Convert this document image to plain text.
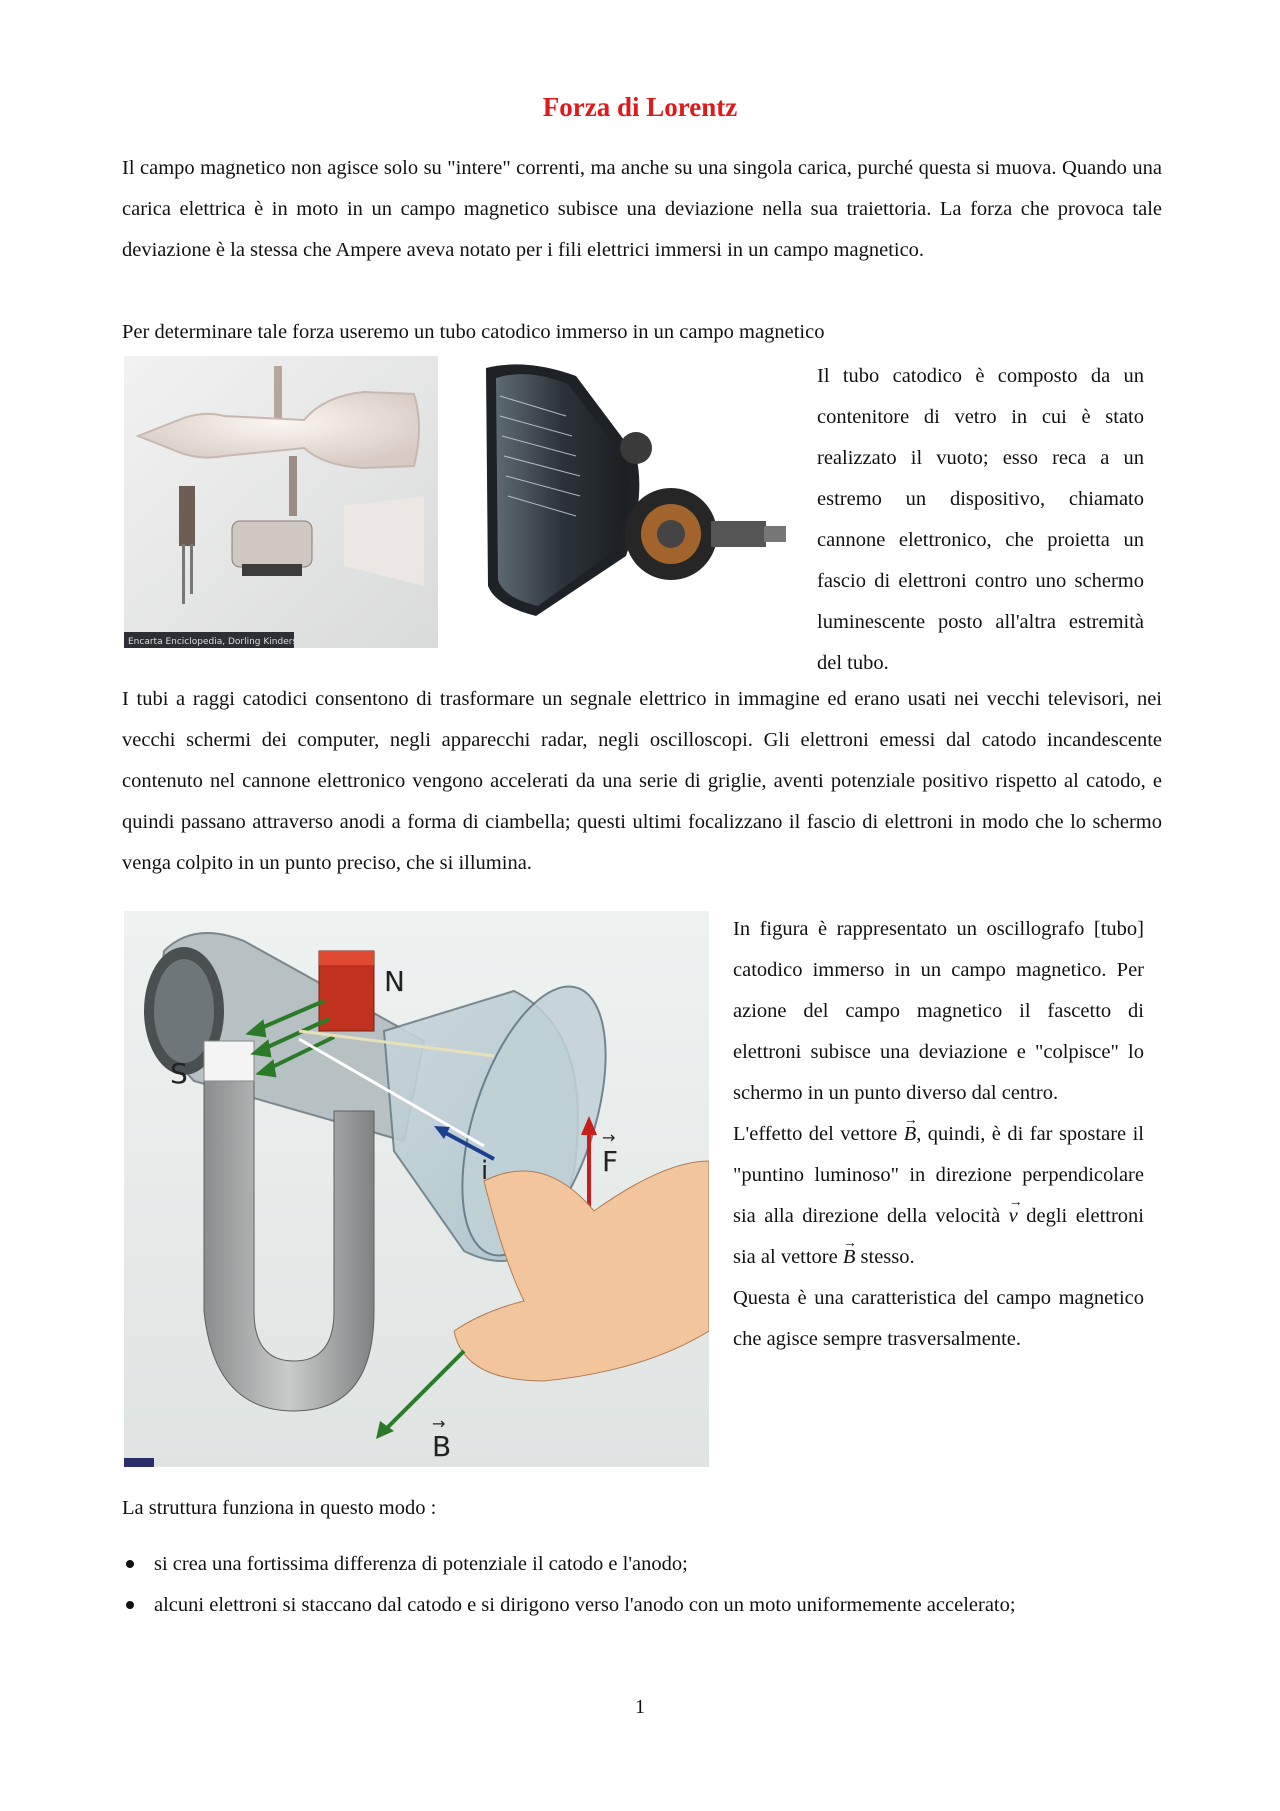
Forza di Lorentz

Il campo magnetico non agisce solo su "intere" correnti, ma anche su una singola carica, purché questa si muova. Quando una carica elettrica è in moto in un campo magnetico subisce una deviazione nella sua traiettoria. La forza che provoca tale deviazione è la stessa che Ampere aveva notato per i fili elettrici immersi in un campo magnetico.

Per determinare tale forza useremo un tubo catodico immerso in un campo magnetico

Encarta Enciclopedia, Dorling Kindersley

Il tubo catodico è composto da un contenitore di vetro in cui è stato realizzato il vuoto; esso reca a un estremo un dispositivo, chiamato cannone elettronico, che proietta un fascio di elettroni contro uno schermo luminescente posto all'altra estremità del tubo.

I tubi a raggi catodici consentono di trasformare un segnale elettrico in immagine ed erano usati nei vecchi televisori, nei vecchi schermi dei computer, negli apparecchi radar, negli oscilloscopi. Gli elettroni emessi dal catodo incandescente contenuto nel cannone elettronico vengono accelerati da una serie di griglie, aventi potenziale positivo rispetto al catodo, e quindi passano attraverso anodi a forma di ciambella; questi ultimi focalizzano il fascio di elettroni in modo che lo schermo venga colpito in un punto preciso, che si illumina.

N
S
F
→
i
B
→

In figura è rappresentato un oscillografo [tubo] catodico immerso in un campo magnetico. Per azione del campo magnetico il fascetto di elettroni subisce una deviazione e "colpisce" lo schermo in un punto diverso dal centro.

L'effetto del vettore → B, quindi, è di far spostare il "puntino luminoso" in direzione perpendicolare sia alla direzione della velocità → v degli elettroni sia al vettore → B stesso.

Questa è una caratteristica del campo magnetico che agisce sempre trasversalmente.

La struttura funziona in questo modo :

si crea una fortissima differenza di potenziale il catodo e l'anodo;
alcuni elettroni si staccano dal catodo e si dirigono verso l'anodo con un moto uniformemente accelerato;
1
